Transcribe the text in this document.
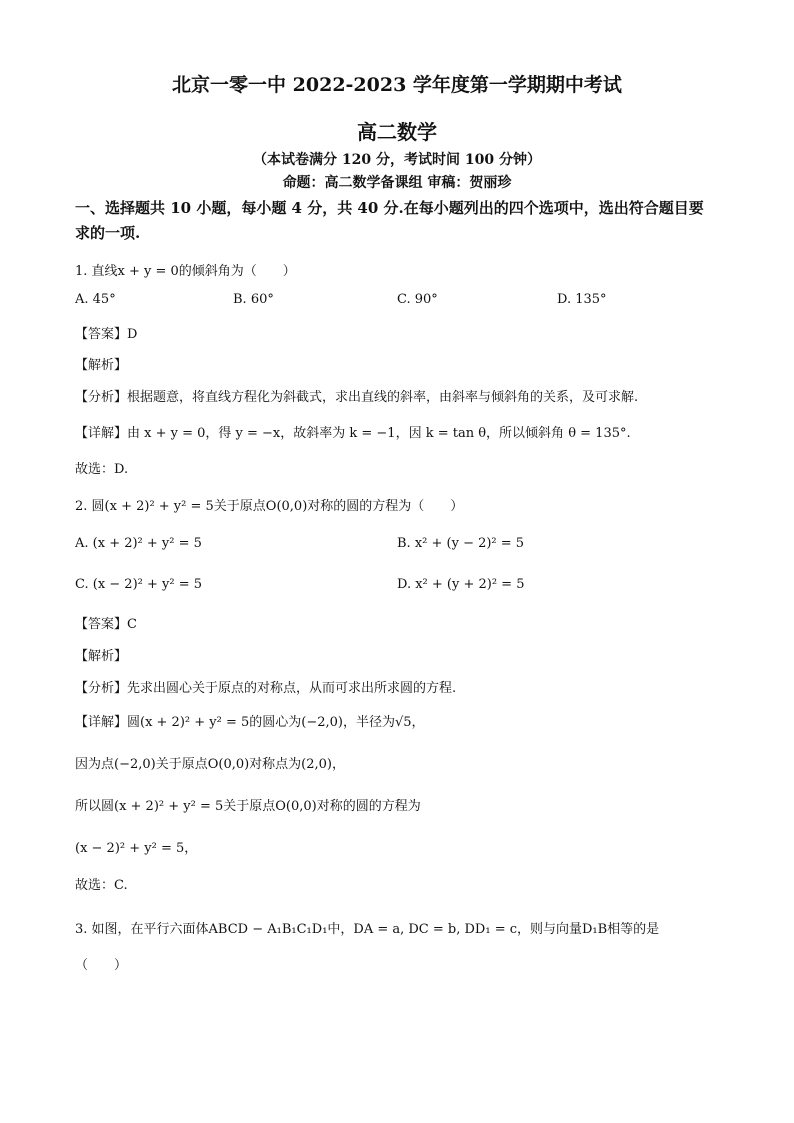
北京一零一中 2022-2023 学年度第一学期期中考试
高二数学
（本试卷满分 120 分，考试时间 100 分钟）
命题：高二数学备课组 审稿：贺丽珍
一、选择题共 10 小题，每小题 4 分，共 40 分.在每小题列出的四个选项中，选出符合题目要
求的一项.
1. 直线x + y = 0的倾斜角为（　　）
A. 45°	B. 60°	C. 90°	D. 135°
【答案】D
【解析】
【分析】根据题意，将直线方程化为斜截式，求出直线的斜率，由斜率与倾斜角的关系，及可求解.
【详解】由 x + y = 0，得 y = −x，故斜率为 k = −1，因 k = tan θ，所以倾斜角 θ = 135°.
故选：D.
2. 圆(x + 2)² + y² = 5关于原点O(0,0)对称的圆的方程为（　　）
A. (x + 2)² + y² = 5	B. x² + (y − 2)² = 5
C. (x − 2)² + y² = 5	D. x² + (y + 2)² = 5
【答案】C
【解析】
【分析】先求出圆心关于原点的对称点，从而可求出所求圆的方程.
【详解】圆(x + 2)² + y² = 5的圆心为(−2,0)，半径为√5，
因为点(−2,0)关于原点O(0,0)对称点为(2,0)，
所以圆(x + 2)² + y² = 5关于原点O(0,0)对称的圆的方程为
(x − 2)² + y² = 5，
故选：C.
3. 如图，在平行六面体ABCD − A₁B₁C₁D₁中，DA = a, DC = b, DD₁ = c，则与向量D₁B相等的是
（　　）
